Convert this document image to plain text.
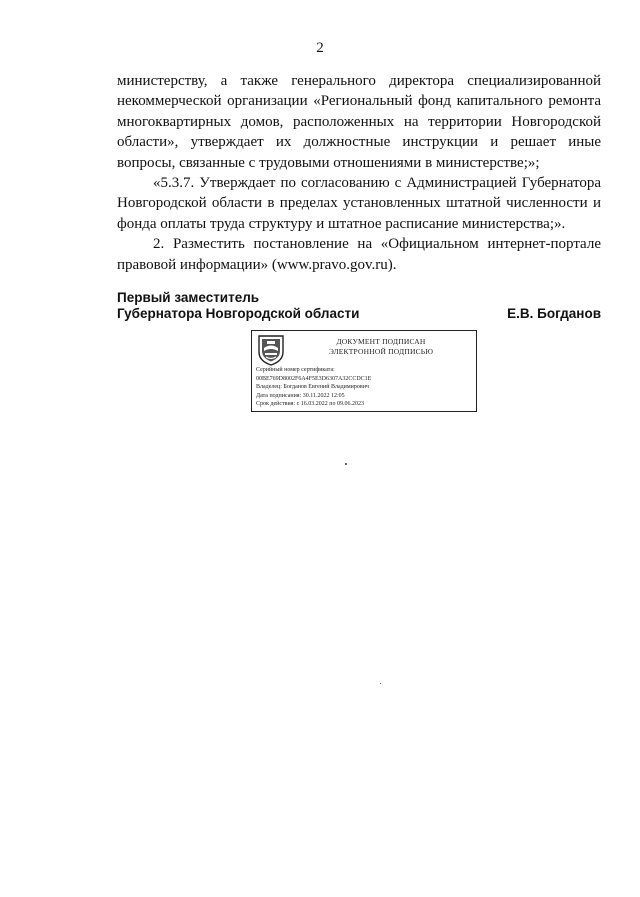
2

министерству, а также генерального директора специализированной некоммерческой организации «Региональный фонд капитального ремонта многоквартирных домов, расположенных на территории Новгородской области», утверждает их должностные инструкции и решает иные вопросы, связанные с трудовыми отношениями в министерстве;»;

«5.3.7. Утверждает по согласованию с Администрацией Губернатора Новгородской области в пределах установленных штатной численности и фонда оплаты труда структуру и штатное расписание министерства;».

2. Разместить постановление на «Официальном интернет-портале правовой информации» (www.pravo.gov.ru).

Первый заместитель
Губернатора Новгородской области	Е.В. Богданов
ДОКУМЕНТ ПОДПИСАН
ЭЛЕКТРОННОЙ ПОДПИСЬЮ
Серийный номер сертификата:
00BE769D8002F6A4F5E3D6307A32CCDC1E
Владелец: Богданов Евгений Владимирович
Дата подписания: 30.11.2022 12:05
Срок действия: с 16.03.2022 по 09.06.2023
